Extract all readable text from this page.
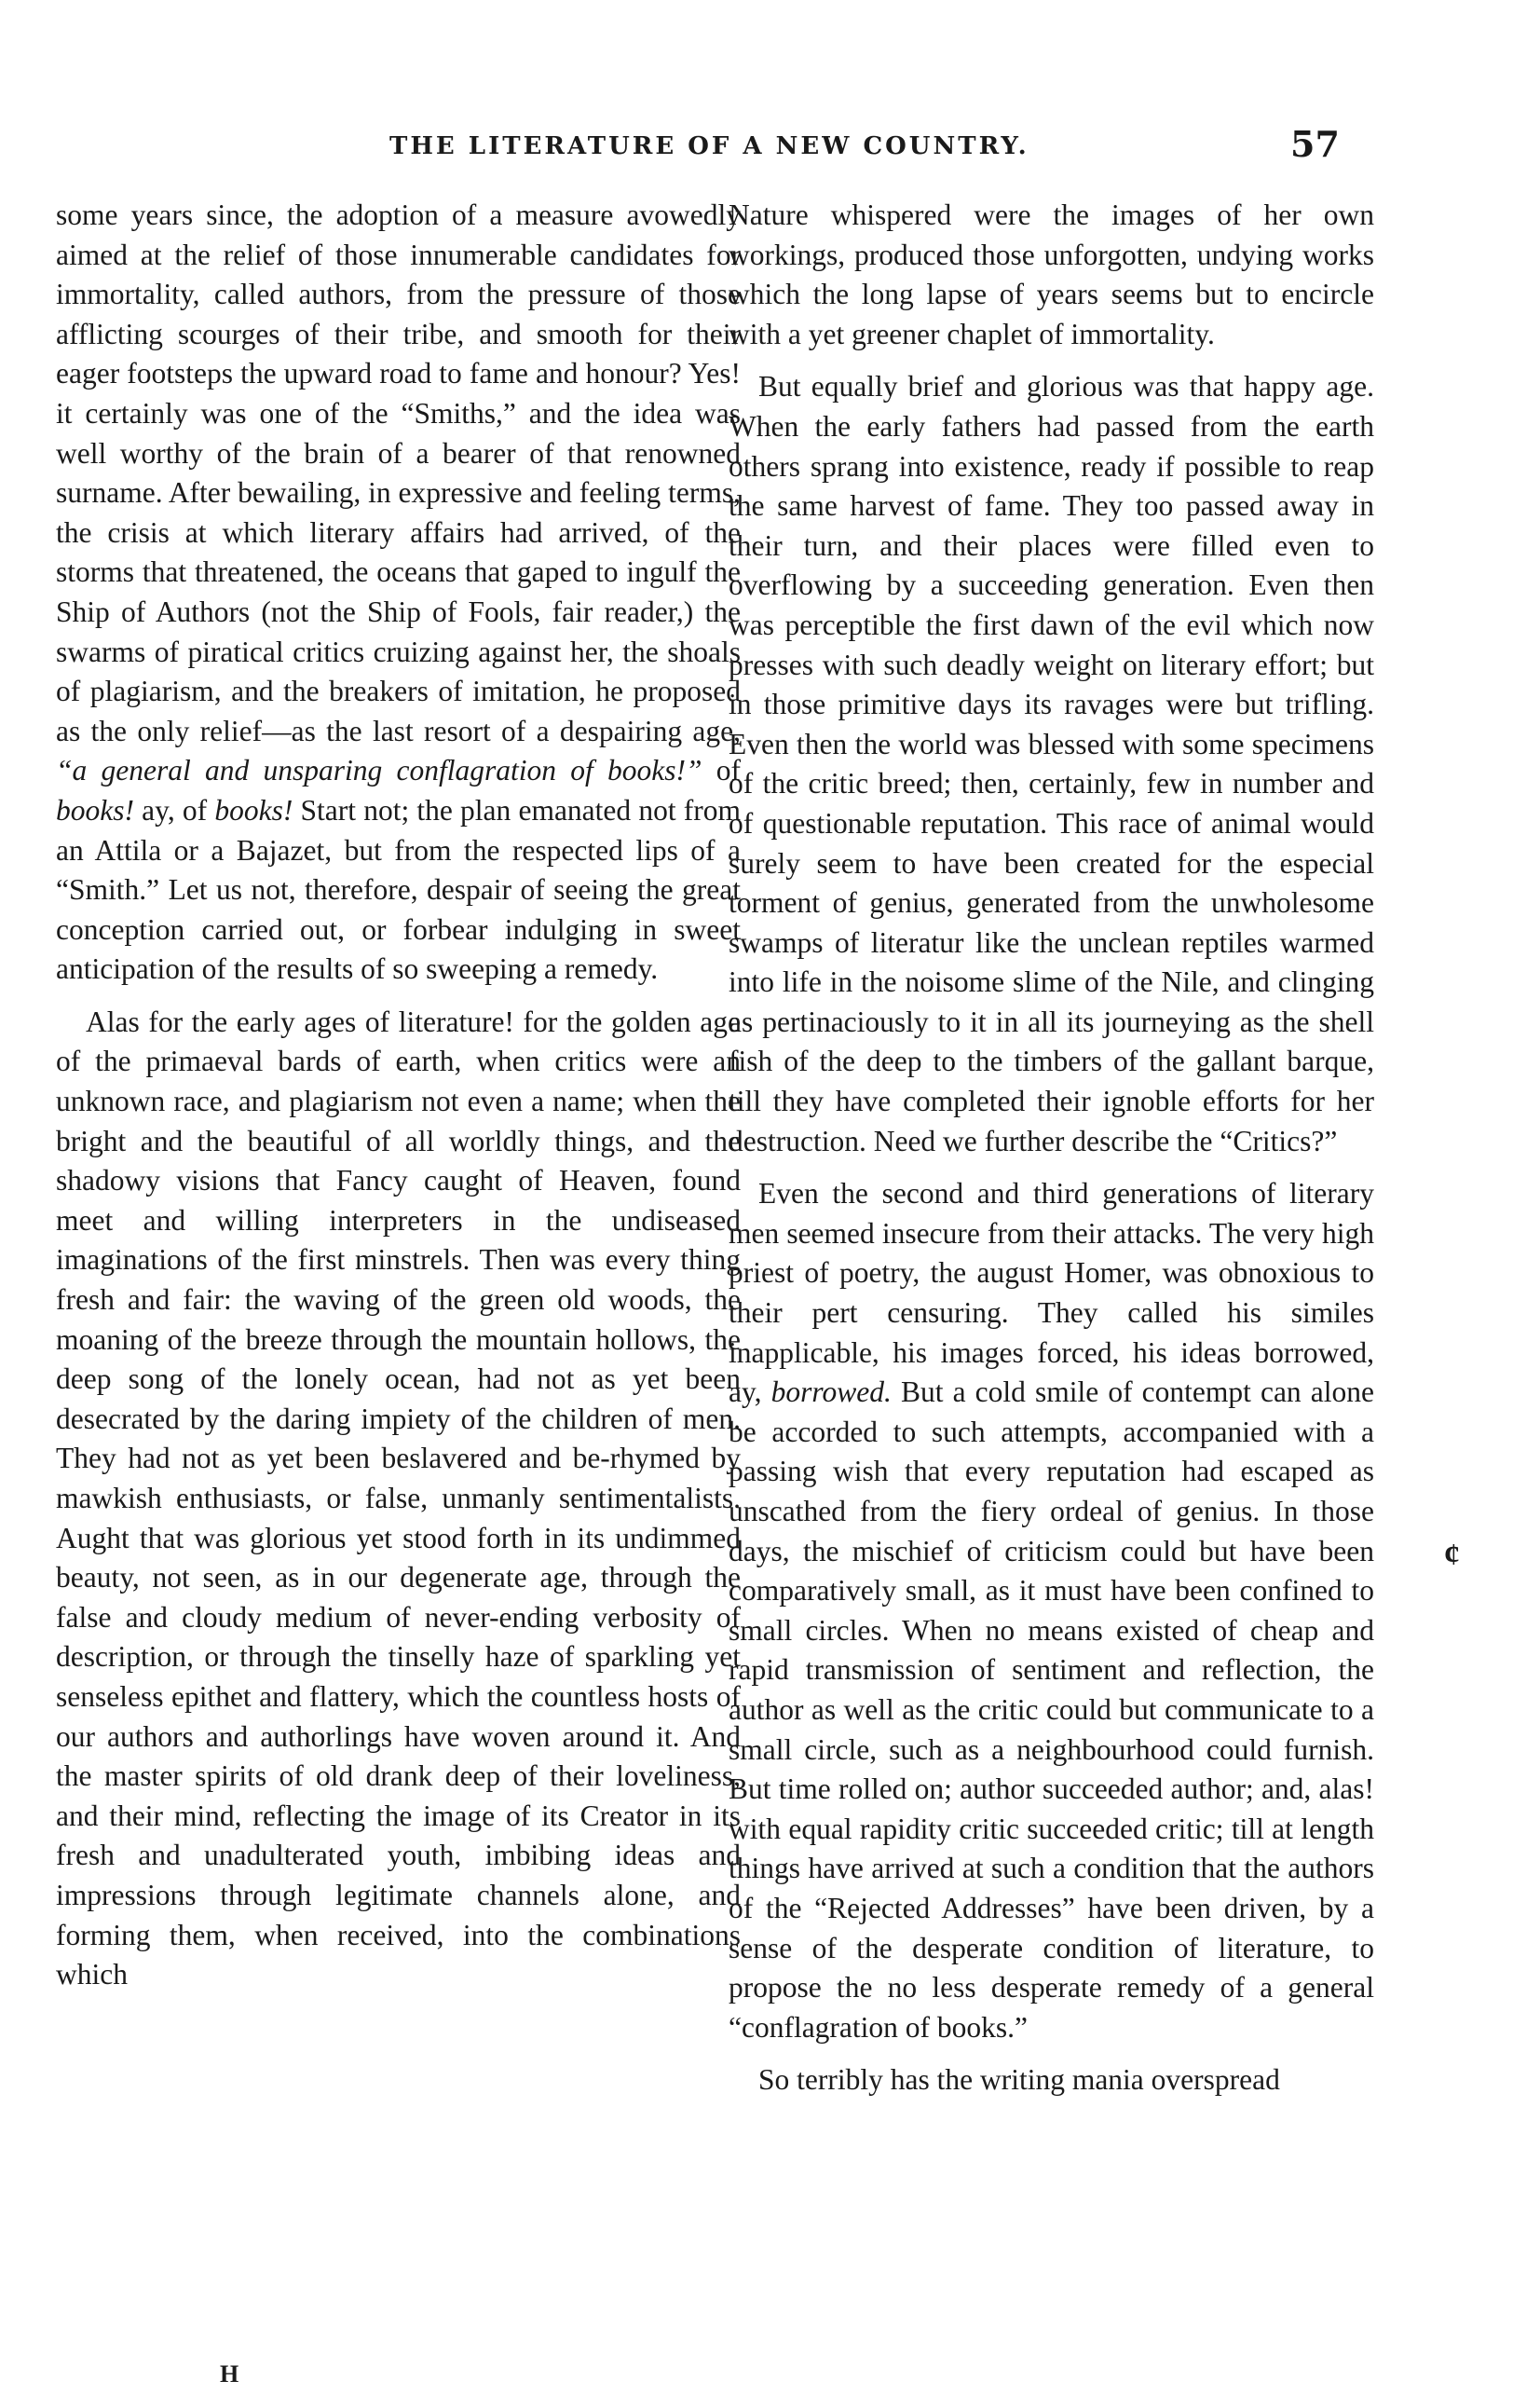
THE LITERATURE OF A NEW COUNTRY.	57

some years since, the adoption of a measure avowedly aimed at the relief of those innumerable candidates for immortality, called authors, from the pressure of those afflicting scourges of their tribe, and smooth for their eager footsteps the upward road to fame and honour? Yes! it certainly was one of the “Smiths,” and the idea was well worthy of the brain of a bearer of that renowned surname. After bewailing, in expressive and feeling terms, the crisis at which literary affairs had arrived, of the storms that threatened, the oceans that gaped to ingulf the Ship of Authors (not the Ship of Fools, fair reader,) the swarms of piratical critics cruizing against her, the shoals of plagiarism, and the breakers of imitation, he proposed as the only relief—as the last resort of a despairing age, “a general and unsparing conflagration of books!” of books! ay, of books! Start not; the plan emanated not from an Attila or a Bajazet, but from the respected lips of a “Smith.” Let us not, therefore, despair of seeing the great conception carried out, or forbear indulging in sweet anticipation of the results of so sweeping a remedy.

Alas for the early ages of literature! for the golden age of the primaeval bards of earth, when critics were an unknown race, and plagiarism not even a name; when the bright and the beautiful of all worldly things, and the shadowy visions that Fancy caught of Heaven, found meet and willing interpreters in the undiseased imaginations of the first minstrels. Then was every thing fresh and fair: the waving of the green old woods, the moaning of the breeze through the mountain hollows, the deep song of the lonely ocean, had not as yet been desecrated by the daring impiety of the children of men. They had not as yet been beslavered and be-rhymed by mawkish enthusiasts, or false, unmanly sentimentalists. Aught that was glorious yet stood forth in its undimmed beauty, not seen, as in our degenerate age, through the false and cloudy medium of never-ending verbosity of description, or through the tinselly haze of sparkling yet senseless epithet and flattery, which the countless hosts of our authors and authorlings have woven around it. And the master spirits of old drank deep of their loveliness, and their mind, reflecting the image of its Creator in its fresh and unadulterated youth, imbibing ideas and impressions through legitimate channels alone, and forming them, when received, into the combinations which

Nature whispered were the images of her own workings, produced those unforgotten, undying works which the long lapse of years seems but to encircle with a yet greener chaplet of immortality.

But equally brief and glorious was that happy age. When the early fathers had passed from the earth others sprang into existence, ready if possible to reap the same harvest of fame. They too passed away in their turn, and their places were filled even to overflowing by a succeeding generation. Even then was perceptible the first dawn of the evil which now presses with such deadly weight on literary effort; but in those primitive days its ravages were but trifling. Even then the world was blessed with some specimens of the critic breed; then, certainly, few in number and of questionable reputation. This race of animal would surely seem to have been created for the especial torment of genius, generated from the unwholesome swamps of literatur like the unclean reptiles warmed into life in the noisome slime of the Nile, and clinging as pertinaciously to it in all its journeying as the shell fish of the deep to the timbers of the gallant barque, till they have completed their ignoble efforts for her destruction. Need we further describe the “Critics?”

Even the second and third generations of literary men seemed insecure from their attacks. The very high priest of poetry, the august Homer, was obnoxious to their pert censuring. They called his similes inapplicable, his images forced, his ideas borrowed, ay, borrowed. But a cold smile of contempt can alone be accorded to such attempts, accompanied with a passing wish that every reputation had escaped as unscathed from the fiery ordeal of genius. In those days, the mischief of criticism could but have been comparatively small, as it must have been confined to small circles. When no means existed of cheap and rapid transmission of sentiment and reflection, the author as well as the critic could but communicate to a small circle, such as a neighbourhood could furnish. But time rolled on; author succeeded author; and, alas! with equal rapidity critic succeeded critic; till at length things have arrived at such a condition that the authors of the “Rejected Addresses” have been driven, by a sense of the desperate condition of literature, to propose the no less desperate remedy of a general “conflagration of books.”

So terribly has the writing mania overspread

H
¢
